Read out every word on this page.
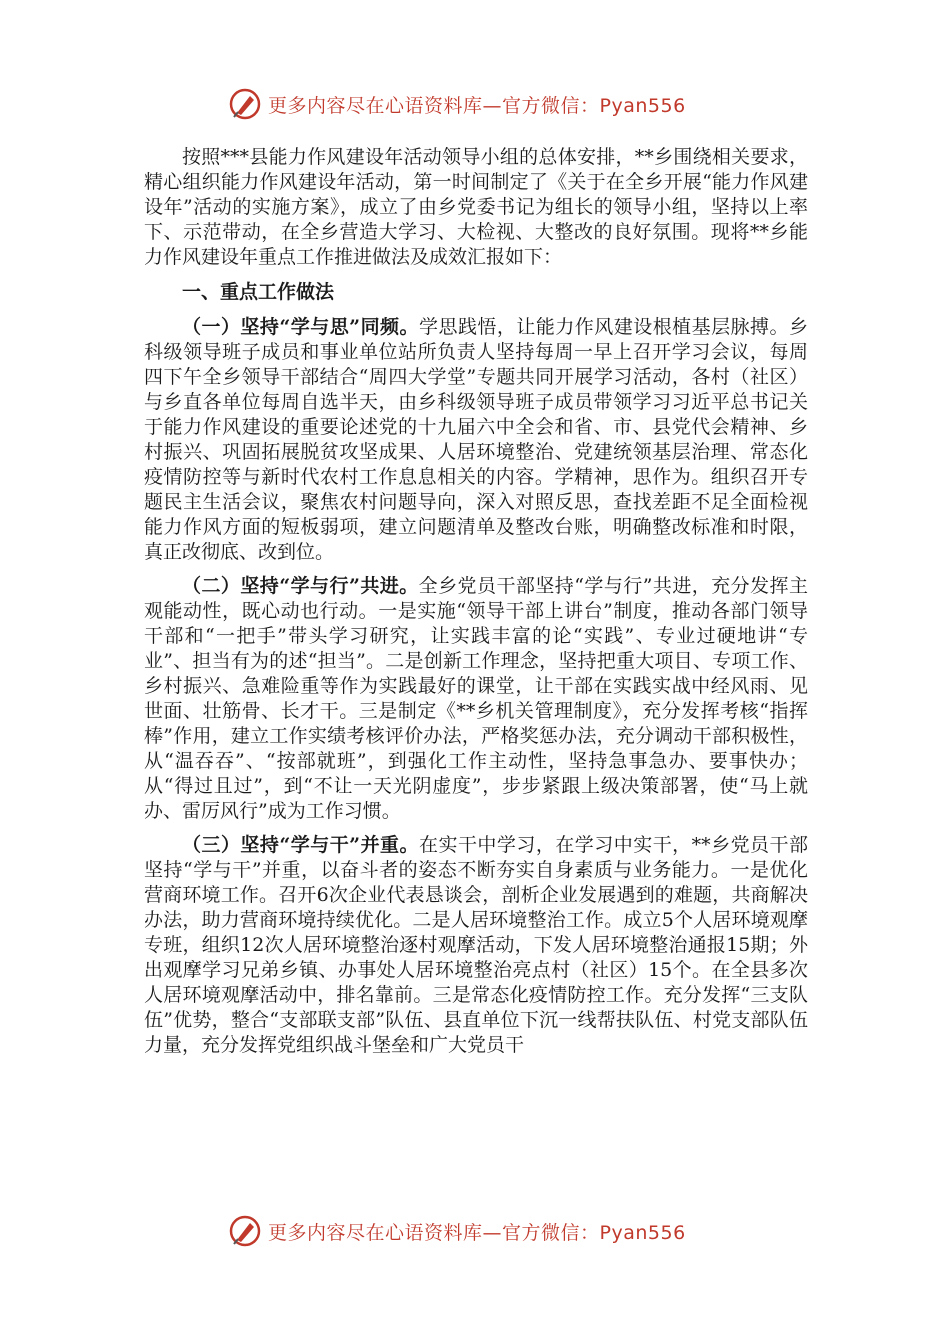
更多内容尽在心语资料库—官方微信：Pyan556

按照***县能力作风建设年活动领导小组的总体安排，**乡围绕相关要求，精心组织能力作风建设年活动，第一时间制定了《关于在全乡开展“能力作风建设年”活动的实施方案》，成立了由乡党委书记为组长的领导小组，坚持以上率下、示范带动，在全乡营造大学习、大检视、大整改的良好氛围。现将**乡能力作风建设年重点工作推进做法及成效汇报如下：

一、重点工作做法

（一）坚持“学与思”同频。学思践悟，让能力作风建设根植基层脉搏。乡科级领导班子成员和事业单位站所负责人坚持每周一早上召开学习会议，每周四下午全乡领导干部结合“周四大学堂”专题共同开展学习活动，各村（社区）与乡直各单位每周自选半天，由乡科级领导班子成员带领学习习近平总书记关于能力作风建设的重要论述党的十九届六中全会和省、市、县党代会精神、乡村振兴、巩固拓展脱贫攻坚成果、人居环境整治、党建统领基层治理、常态化疫情防控等与新时代农村工作息息相关的内容。学精神，思作为。组织召开专题民主生活会议，聚焦农村问题导向，深入对照反思，查找差距不足全面检视能力作风方面的短板弱项，建立问题清单及整改台账，明确整改标准和时限，真正改彻底、改到位。

（二）坚持“学与行”共进。全乡党员干部坚持“学与行”共进，充分发挥主观能动性，既心动也行动。一是实施“领导干部上讲台”制度，推动各部门领导干部和“一把手”带头学习研究，让实践丰富的论“实践”、专业过硬地讲“专业”、担当有为的述“担当”。二是创新工作理念，坚持把重大项目、专项工作、乡村振兴、急难险重等作为实践最好的课堂，让干部在实践实战中经风雨、见世面、壮筋骨、长才干。三是制定《**乡机关管理制度》，充分发挥考核“指挥棒”作用，建立工作实绩考核评价办法，严格奖惩办法，充分调动干部积极性，从“温吞吞”、“按部就班”，到强化工作主动性，坚持急事急办、要事快办；从“得过且过”，到“不让一天光阴虚度”，步步紧跟上级决策部署，使“马上就办、雷厉风行”成为工作习惯。

（三）坚持“学与干”并重。在实干中学习，在学习中实干，**乡党员干部坚持“学与干”并重，以奋斗者的姿态不断夯实自身素质与业务能力。一是优化营商环境工作。召开6次企业代表恳谈会，剖析企业发展遇到的难题，共商解决办法，助力营商环境持续优化。二是人居环境整治工作。成立5个人居环境观摩专班，组织12次人居环境整治逐村观摩活动，下发人居环境整治通报15期；外出观摩学习兄弟乡镇、办事处人居环境整治亮点村（社区）15个。在全县多次人居环境观摩活动中，排名靠前。三是常态化疫情防控工作。充分发挥“三支队伍”优势，整合“支部联支部”队伍、县直单位下沉一线帮扶队伍、村党支部队伍力量，充分发挥党组织战斗堡垒和广大党员干

更多内容尽在心语资料库—官方微信：Pyan556
